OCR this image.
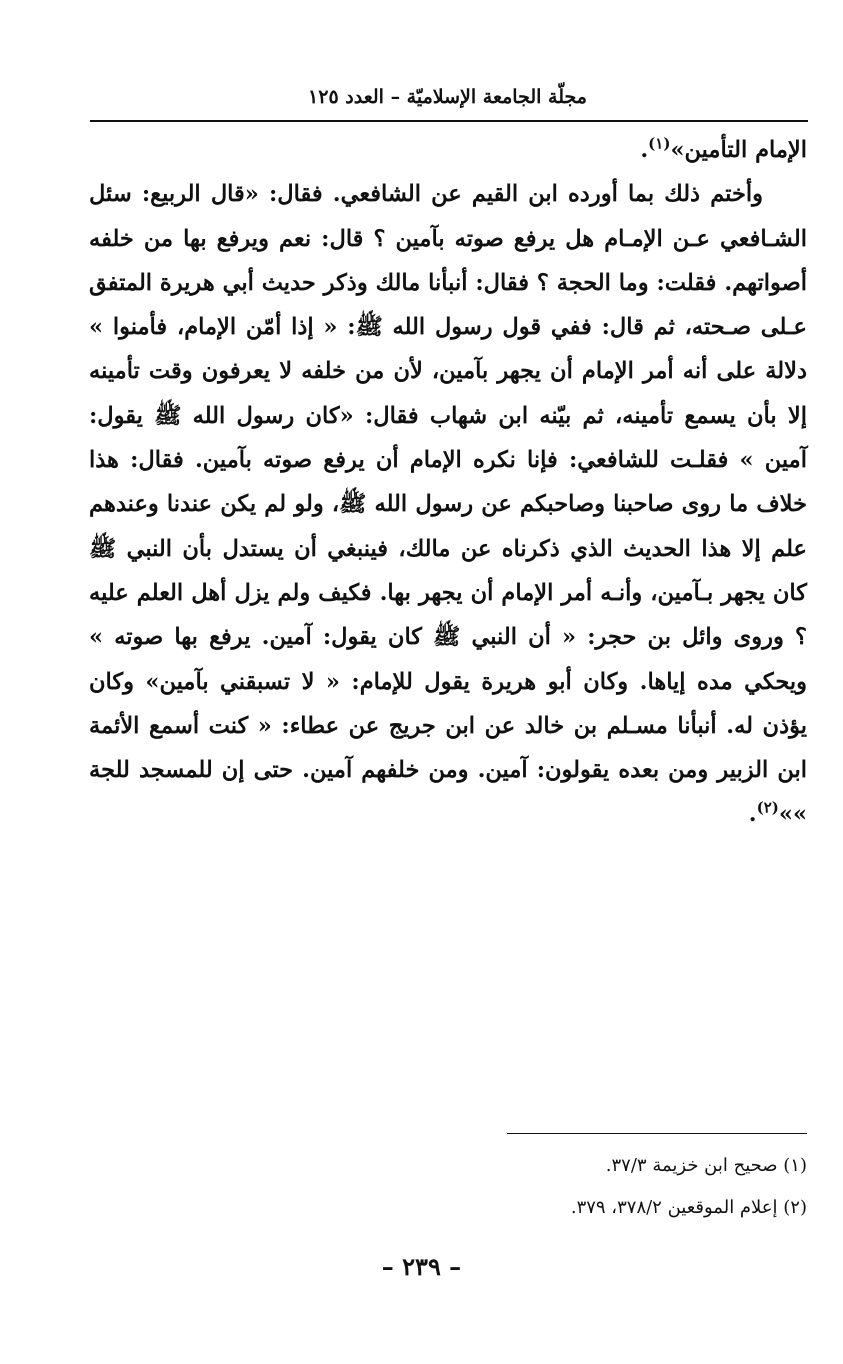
مجلّة الجامعة الإسلاميّة – العدد ١٢٥

الإمام التأمين»$^{(١)}$.

وأختم ذلك بما أورده ابن القيم عن الشافعي. فقال: «قال الربيع: سئل الشـافعي عـن الإمـام هل يرفع صوته بآمين ؟ قال: نعم ويرفع بها من خلفه أصواتهم. فقلت: وما الحجة ؟ فقال: أنبأنا مالك وذكر حديث أبي هريرة المتفق عـلى صـحته، ثم قال: ففي قول رسول الله ﷺ: « إذا أمّن الإمام، فأمنوا » دلالة على أنه أمر الإمام أن يجهر بآمين، لأن من خلفه لا يعرفون وقت تأمينه إلا بأن يسمع تأمينه، ثم بيّنه ابن شهاب فقال: «كان رسول الله ﷺ يقول: آمين » فقلـت للشافعي: فإنا نكره الإمام أن يرفع صوته بآمين. فقال: هذا خلاف ما روى صاحبنا وصاحبكم عن رسول الله ﷺ، ولو لم يكن عندنا وعندهم علم إلا هذا الحديث الذي ذكرناه عن مالك، فينبغي أن يستدل بأن النبي ﷺ كان يجهر بـآمين، وأنـه أمر الإمام أن يجهر بها. فكيف ولم يزل أهل العلم عليه ؟ وروى وائل بن حجر: « أن النبي ﷺ كان يقول: آمين. يرفع بها صوته » ويحكي مده إياها. وكان أبو هريرة يقول للإمام: « لا تسبقني بآمين» وكان يؤذن له. أنبأنا مسـلم بن خالد عن ابن جريج عن عطاء: « كنت أسمع الأئمة ابن الزبير ومن بعده يقولون: آمين. ومن خلفهم آمين. حتى إن للمسجد للجة »»$^{(٢)}$.

(١) صحيح ابن خزيمة ٣٧/٣.

(٢) إعلام الموقعين ٣٧٨/٢، ٣٧٩.

– ٢٣٩ –
